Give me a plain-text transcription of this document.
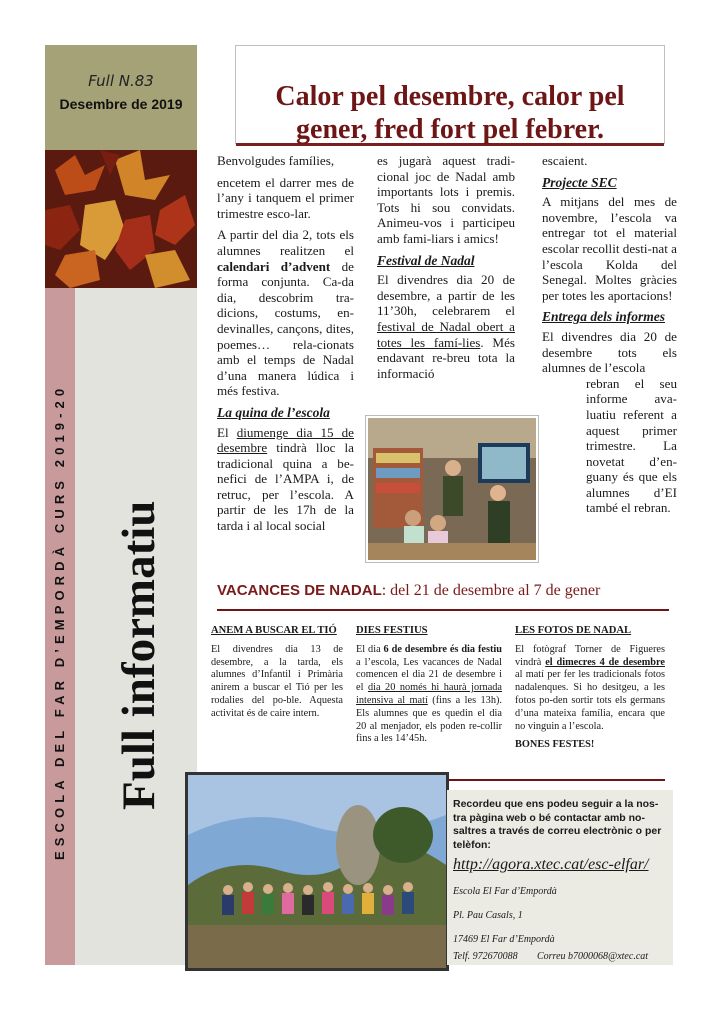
Full N.83
Desembre de 2019
Full informatiu
ESCOLA DEL FAR D’EMPORDÀ CURS 2019-20
Calor pel desembre, calor pel
gener, fred fort pel febrer.

Benvolgudes famílies,

encetem el darrer mes de l’any i tanquem el primer trimestre esco-lar.

A partir del dia 2, tots els alumnes realitzen el calendari d’advent de forma conjunta. Ca-da dia, descobrim tra-dicions, costums, en-devinalles, cançons, dites, poemes… rela-cionats amb el temps de Nadal d’una manera lúdica i més festiva.

La quina de l’escola

El diumenge dia 15 de desembre tindrà lloc la tradicional quina a be-nefici de l’AMPA i, de retruc, per l’escola. A partir de les 17h de la tarda i al local social

es jugarà aquest tradi-cional joc de Nadal amb importants lots i premis. Tots hi sou convidats. Animeu-vos i participeu amb fami-liars i amics!

Festival de Nadal

El divendres dia 20 de desembre, a partir de les 11’30h, celebrarem el festival de Nadal obert a totes les famí-lies. Més endavant re-breu tota la informació

escaient.

Projecte SEC

A mitjans del mes de novembre, l’escola va entregar tot el material escolar recollit desti-nat a l’escola Kolda del Senegal. Moltes gràcies per totes les aportacions!

Entrega dels informes

El divendres dia 20 de desembre tots els alumnes de l’escola

rebran el seu informe ava-luatiu referent a aquest primer trimestre. La novetat d’en-guany és que els alumnes d’EI també el rebran.

VACANCES DE NADAL: del 21 de desembre al 7 de gener
ANEM A BUSCAR EL TIÓ

El divendres dia 13 de desembre, a la tarda, els alumnes d’Infantil i Primària anirem a buscar el Tió per les rodalies del po-ble. Aquesta activitat és de caire intern.

DIES FESTIUS

El dia 6 de desembre és dia festiu a l’escola, Les vacances de Nadal comencen el dia 21 de desembre i el dia 20 només hi haurà jornada intensiva al matí (fins a les 13h). Els alumnes que es quedin el dia 20 al menjador, els poden re-collir fins a les 14’45h.

LES FOTOS DE NADAL

El fotògraf Torner de Figueres vindrà el dimecres 4 de desembre al matí per fer les tradicionals fotos nadalenques. Si ho desitgeu, a les fotos po-den sortir tots els germans d’una mateixa família, encara que no vinguin a l’escola.

BONES FESTES!

Recordeu que ens podeu seguir a la nos-tra pàgina web o bé contactar amb no-saltres a través de correu electrònic o per telèfon:
http://agora.xtec.cat/esc-elfar/
Escola El Far d’Empordà
Pl. Pau Casals, 1
17469 El Far d’Empordà
Telf. 972670088 Correu b7000068@xtec.cat
